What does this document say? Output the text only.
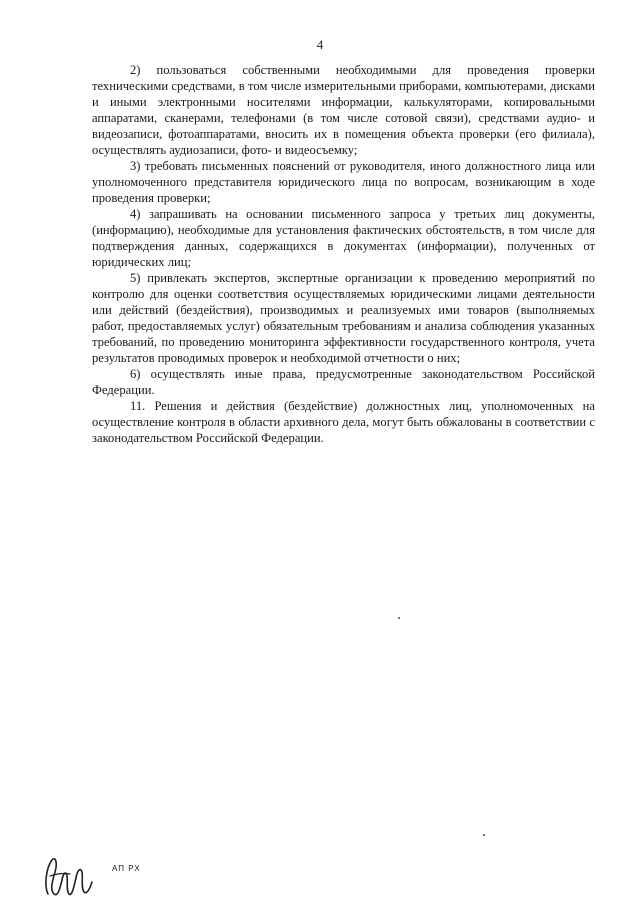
4

2) пользоваться собственными необходимыми для проведения проверки техническими средствами, в том числе измерительными приборами, компьютерами, дисками и иными электронными носителями информации, калькуляторами, копировальными аппаратами, сканерами, телефонами (в том числе сотовой связи), средствами аудио- и видеозаписи, фотоаппаратами, вносить их в помещения объекта проверки (его филиала), осуществлять аудиозаписи, фото- и видеосъемку;

3) требовать письменных пояснений от руководителя, иного должностного лица или уполномоченного представителя юридического лица по вопросам, возникающим в ходе проведения проверки;

4) запрашивать на основании письменного запроса у третьих лиц документы, (информацию), необходимые для установления фактических обстоятельств, в том числе для подтверждения данных, содержащихся в документах (информации), полученных от юридических лиц;

5) привлекать экспертов, экспертные организации к проведению мероприятий по контролю для оценки соответствия осуществляемых юридическими лицами деятельности или действий (бездействия), производимых и реализуемых ими товаров (выполняемых работ, предоставляемых услуг) обязательным требованиям и анализа соблюдения указанных требований, по проведению мониторинга эффективности государственного контроля, учета результатов проводимых проверок и необходимой отчетности о них;

6) осуществлять иные права, предусмотренные законодательством Российской Федерации.

11. Решения и действия (бездействие) должностных лиц, уполномоченных на осуществление контроля в области архивного дела, могут быть обжалованы в соответствии с законодательством Российской Федерации.

АП РХ
